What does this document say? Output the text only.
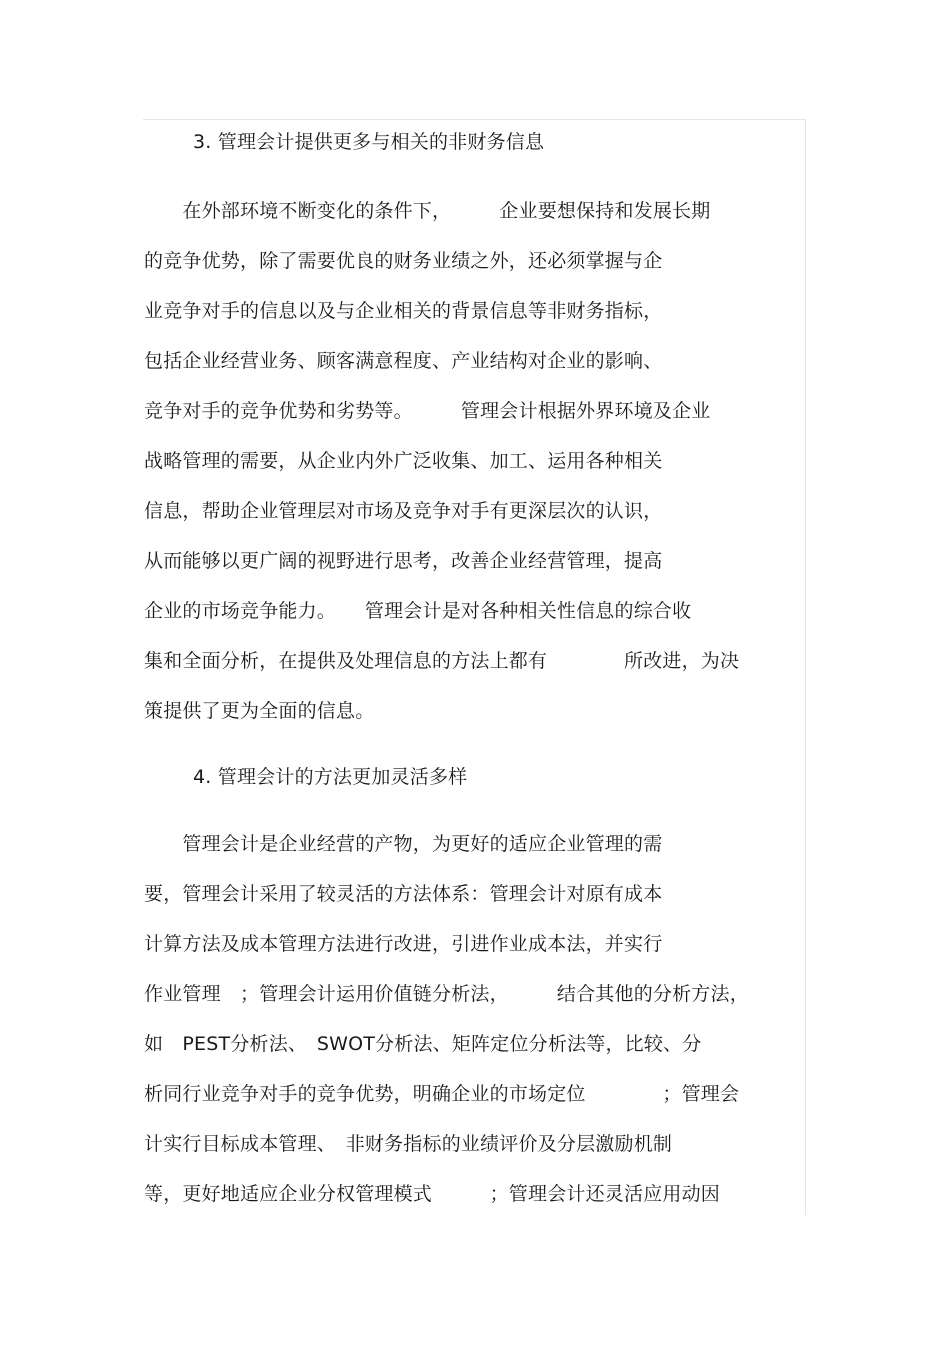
3. 管理会计提供更多与相关的非财务信息
　　在外部环境不断变化的条件下，　　　企业要想保持和发展长期
的竞争优势，除了需要优良的财务业绩之外，还必须掌握与企
业竞争对手的信息以及与企业相关的背景信息等非财务指标，
包括企业经营业务、顾客满意程度、产业结构对企业的影响、
竞争对手的竞争优势和劣势等。　　　管理会计根据外界环境及企业
战略管理的需要，从企业内外广泛收集、加工、运用各种相关
信息，帮助企业管理层对市场及竞争对手有更深层次的认识，
从而能够以更广阔的视野进行思考，改善企业经营管理，提高
企业的市场竞争能力。　　管理会计是对各种相关性信息的综合收
集和全面分析，在提供及处理信息的方法上都有　　　　所改进，为决
策提供了更为全面的信息。
4. 管理会计的方法更加灵活多样
　　管理会计是企业经营的产物，为更好的适应企业管理的需
要，管理会计采用了较灵活的方法体系：管理会计对原有成本
计算方法及成本管理方法进行改进，引进作业成本法，并实行
作业管理　；管理会计运用价值链分析法，　　　结合其他的分析方法，
如　PEST分析法、　SWOT分析法、矩阵定位分析法等，比较、分
析同行业竞争对手的竞争优势，明确企业的市场定位　　　　；管理会
计实行目标成本管理、　非财务指标的业绩评价及分层激励机制
等，更好地适应企业分权管理模式　　　；管理会计还灵活应用动因
